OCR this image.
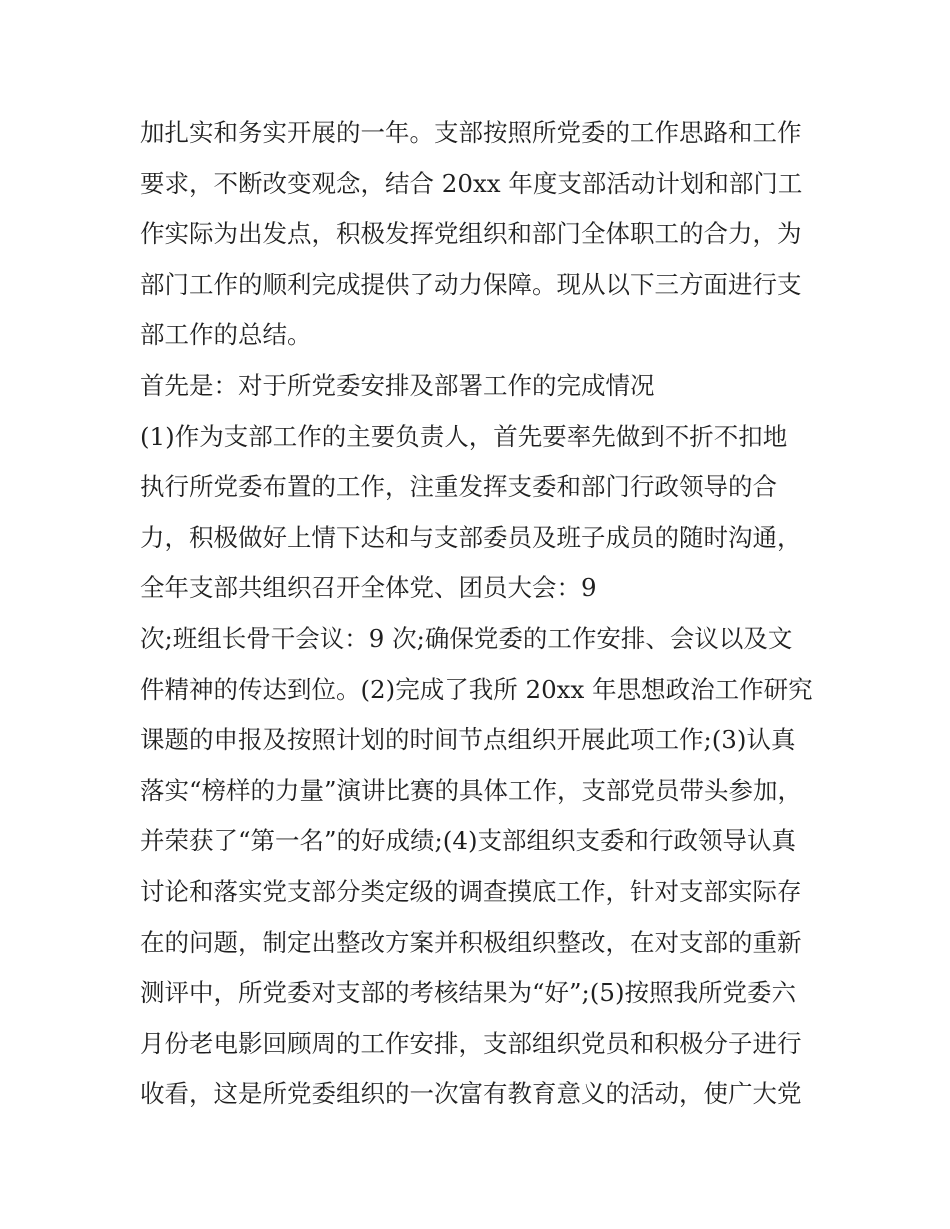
加扎实和务实开展的一年。支部按照所党委的工作思路和工作
要求，不断改变观念，结合 20xx 年度支部活动计划和部门工
作实际为出发点，积极发挥党组织和部门全体职工的合力，为
部门工作的顺利完成提供了动力保障。现从以下三方面进行支
部工作的总结。
首先是：对于所党委安排及部署工作的完成情况
(1)作为支部工作的主要负责人，首先要率先做到不折不扣地
执行所党委布置的工作，注重发挥支委和部门行政领导的合
力，积极做好上情下达和与支部委员及班子成员的随时沟通，
全年支部共组织召开全体党、团员大会：9
次;班组长骨干会议：9 次;确保党委的工作安排、会议以及文
件精神的传达到位。(2)完成了我所 20xx 年思想政治工作研究
课题的申报及按照计划的时间节点组织开展此项工作;(3)认真
落实“榜样的力量”演讲比赛的具体工作，支部党员带头参加，
并荣获了“第一名”的好成绩;(4)支部组织支委和行政领导认真
讨论和落实党支部分类定级的调查摸底工作，针对支部实际存
在的问题，制定出整改方案并积极组织整改，在对支部的重新
测评中，所党委对支部的考核结果为“好”;(5)按照我所党委六
月份老电影回顾周的工作安排，支部组织党员和积极分子进行
收看，这是所党委组织的一次富有教育意义的活动，使广大党
